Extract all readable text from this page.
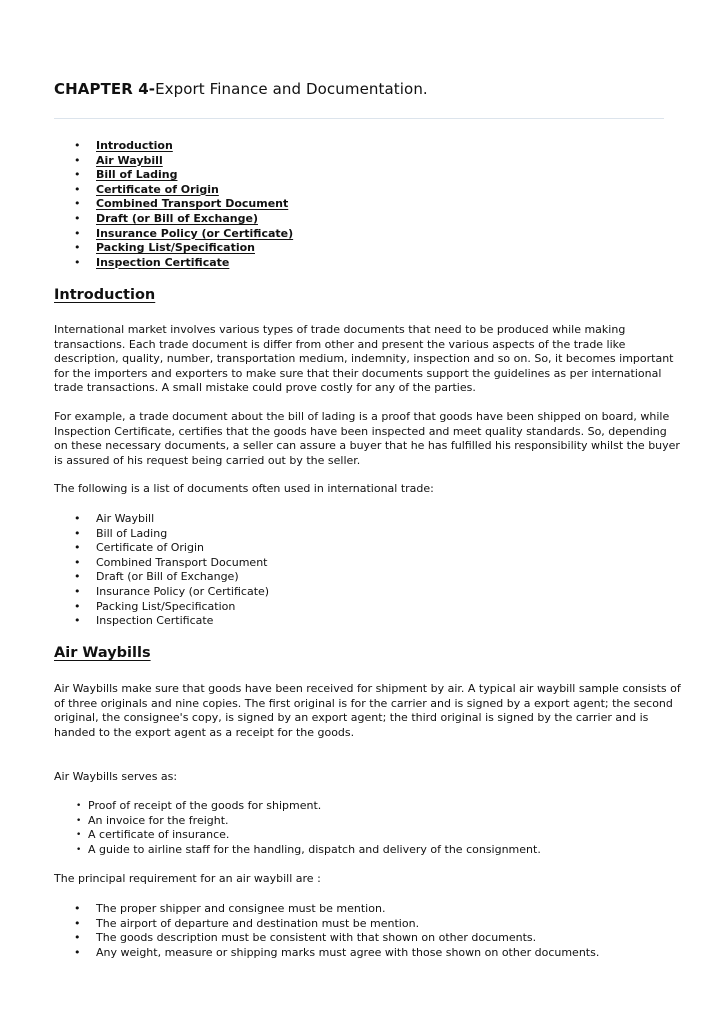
CHAPTER 4-Export Finance and Documentation.
• Introduction
• Air Waybill
• Bill of Lading
• Certificate of Origin
• Combined Transport Document
• Draft (or Bill of Exchange)
• Insurance Policy (or Certificate)
• Packing List/Specification
• Inspection Certificate
Introduction
International market involves various types of trade documents that need to be produced while making
transactions. Each trade document is differ from other and present the various aspects of the trade like
description, quality, number, transportation medium, indemnity, inspection and so on. So, it becomes important
for the importers and exporters to make sure that their documents support the guidelines as per international
trade transactions. A small mistake could prove costly for any of the parties.
For example, a trade document about the bill of lading is a proof that goods have been shipped on board, while
Inspection Certificate, certifies that the goods have been inspected and meet quality standards. So, depending
on these necessary documents, a seller can assure a buyer that he has fulfilled his responsibility whilst the buyer
is assured of his request being carried out by the seller.
The following is a list of documents often used in international trade:
• Air Waybill
• Bill of Lading
• Certificate of Origin
• Combined Transport Document
• Draft (or Bill of Exchange)
• Insurance Policy (or Certificate)
• Packing List/Specification
• Inspection Certificate
Air Waybills
Air Waybills make sure that goods have been received for shipment by air. A typical air waybill sample consists of
of three originals and nine copies. The first original is for the carrier and is signed by a export agent; the second
original, the consignee's copy, is signed by an export agent; the third original is signed by the carrier and is
handed to the export agent as a receipt for the goods.
Air Waybills serves as:
• Proof of receipt of the goods for shipment.
• An invoice for the freight.
• A certificate of insurance.
• A guide to airline staff for the handling, dispatch and delivery of the consignment.
The principal requirement for an air waybill are :
• The proper shipper and consignee must be mention.
• The airport of departure and destination must be mention.
• The goods description must be consistent with that shown on other documents.
• Any weight, measure or shipping marks must agree with those shown on other documents.
